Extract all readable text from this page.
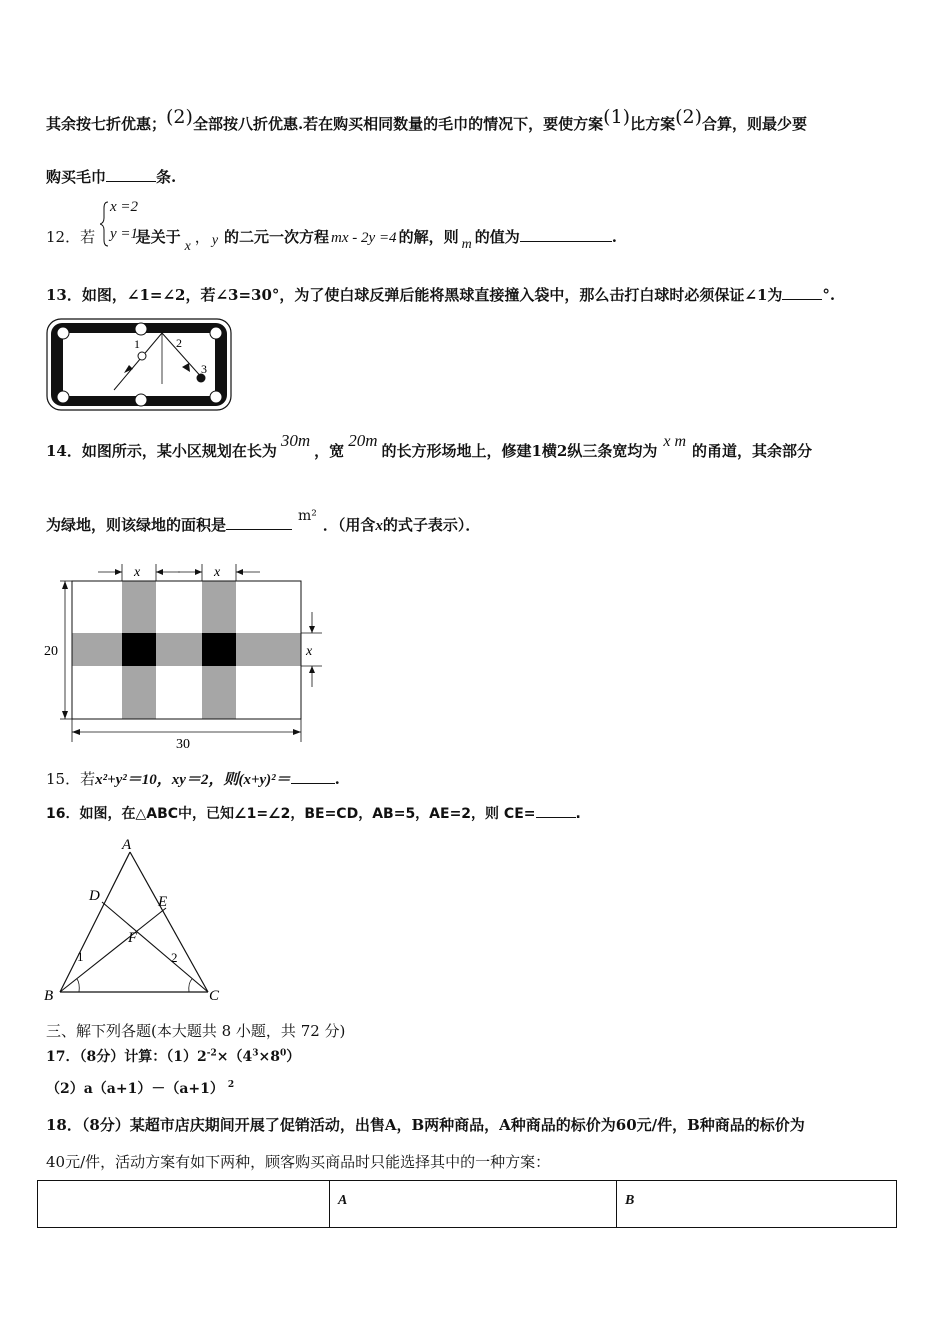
其余按七折优惠；(2)全部按八折优惠.若在购买相同数量的毛巾的情况下，要使方案(1)比方案(2)合算，则最少要
购买毛巾	条.
12．若	是关于x， y 的二元一次方程 mx - 2y =4 的解，则 m 的值为	.
x =2
y =1
13．如图，∠1=∠2，若∠3=30°，为了使白球反弹后能将黑球直接撞入袋中，那么击打白球时必须保证∠1为	°.
1	2
3
14．如图所示，某小区规划在长为30m，宽20m的长方形场地上，修建1横2纵三条宽均为x m的甬道，其余部分
为绿地，则该绿地的面积是	m² ．（用含x的式子表示）．
x	x
x
20
30
15．若x²+y²＝10，xy＝2，则(x+y)²＝	.
16．如图，在△ABC中，已知∠1=∠2，BE=CD，AB=5，AE=2，则 CE=	.
A
D	E
F
B	C
1	2
三、解下列各题(本大题共 8 小题，共 72 分)
17．（8分）计算：$(1)2^{-2}\times(4^3\times 8^0)$
（2）a（a+1）－（a+1） $^2$
18．（8分）某超市店庆期间开展了促销活动，出售A，B两种商品，A种商品的标价为60元/件，B种商品的标价为
40元/件，活动方案有如下两种，顾客购买商品时只能选择其中的一种方案：
	A	B
